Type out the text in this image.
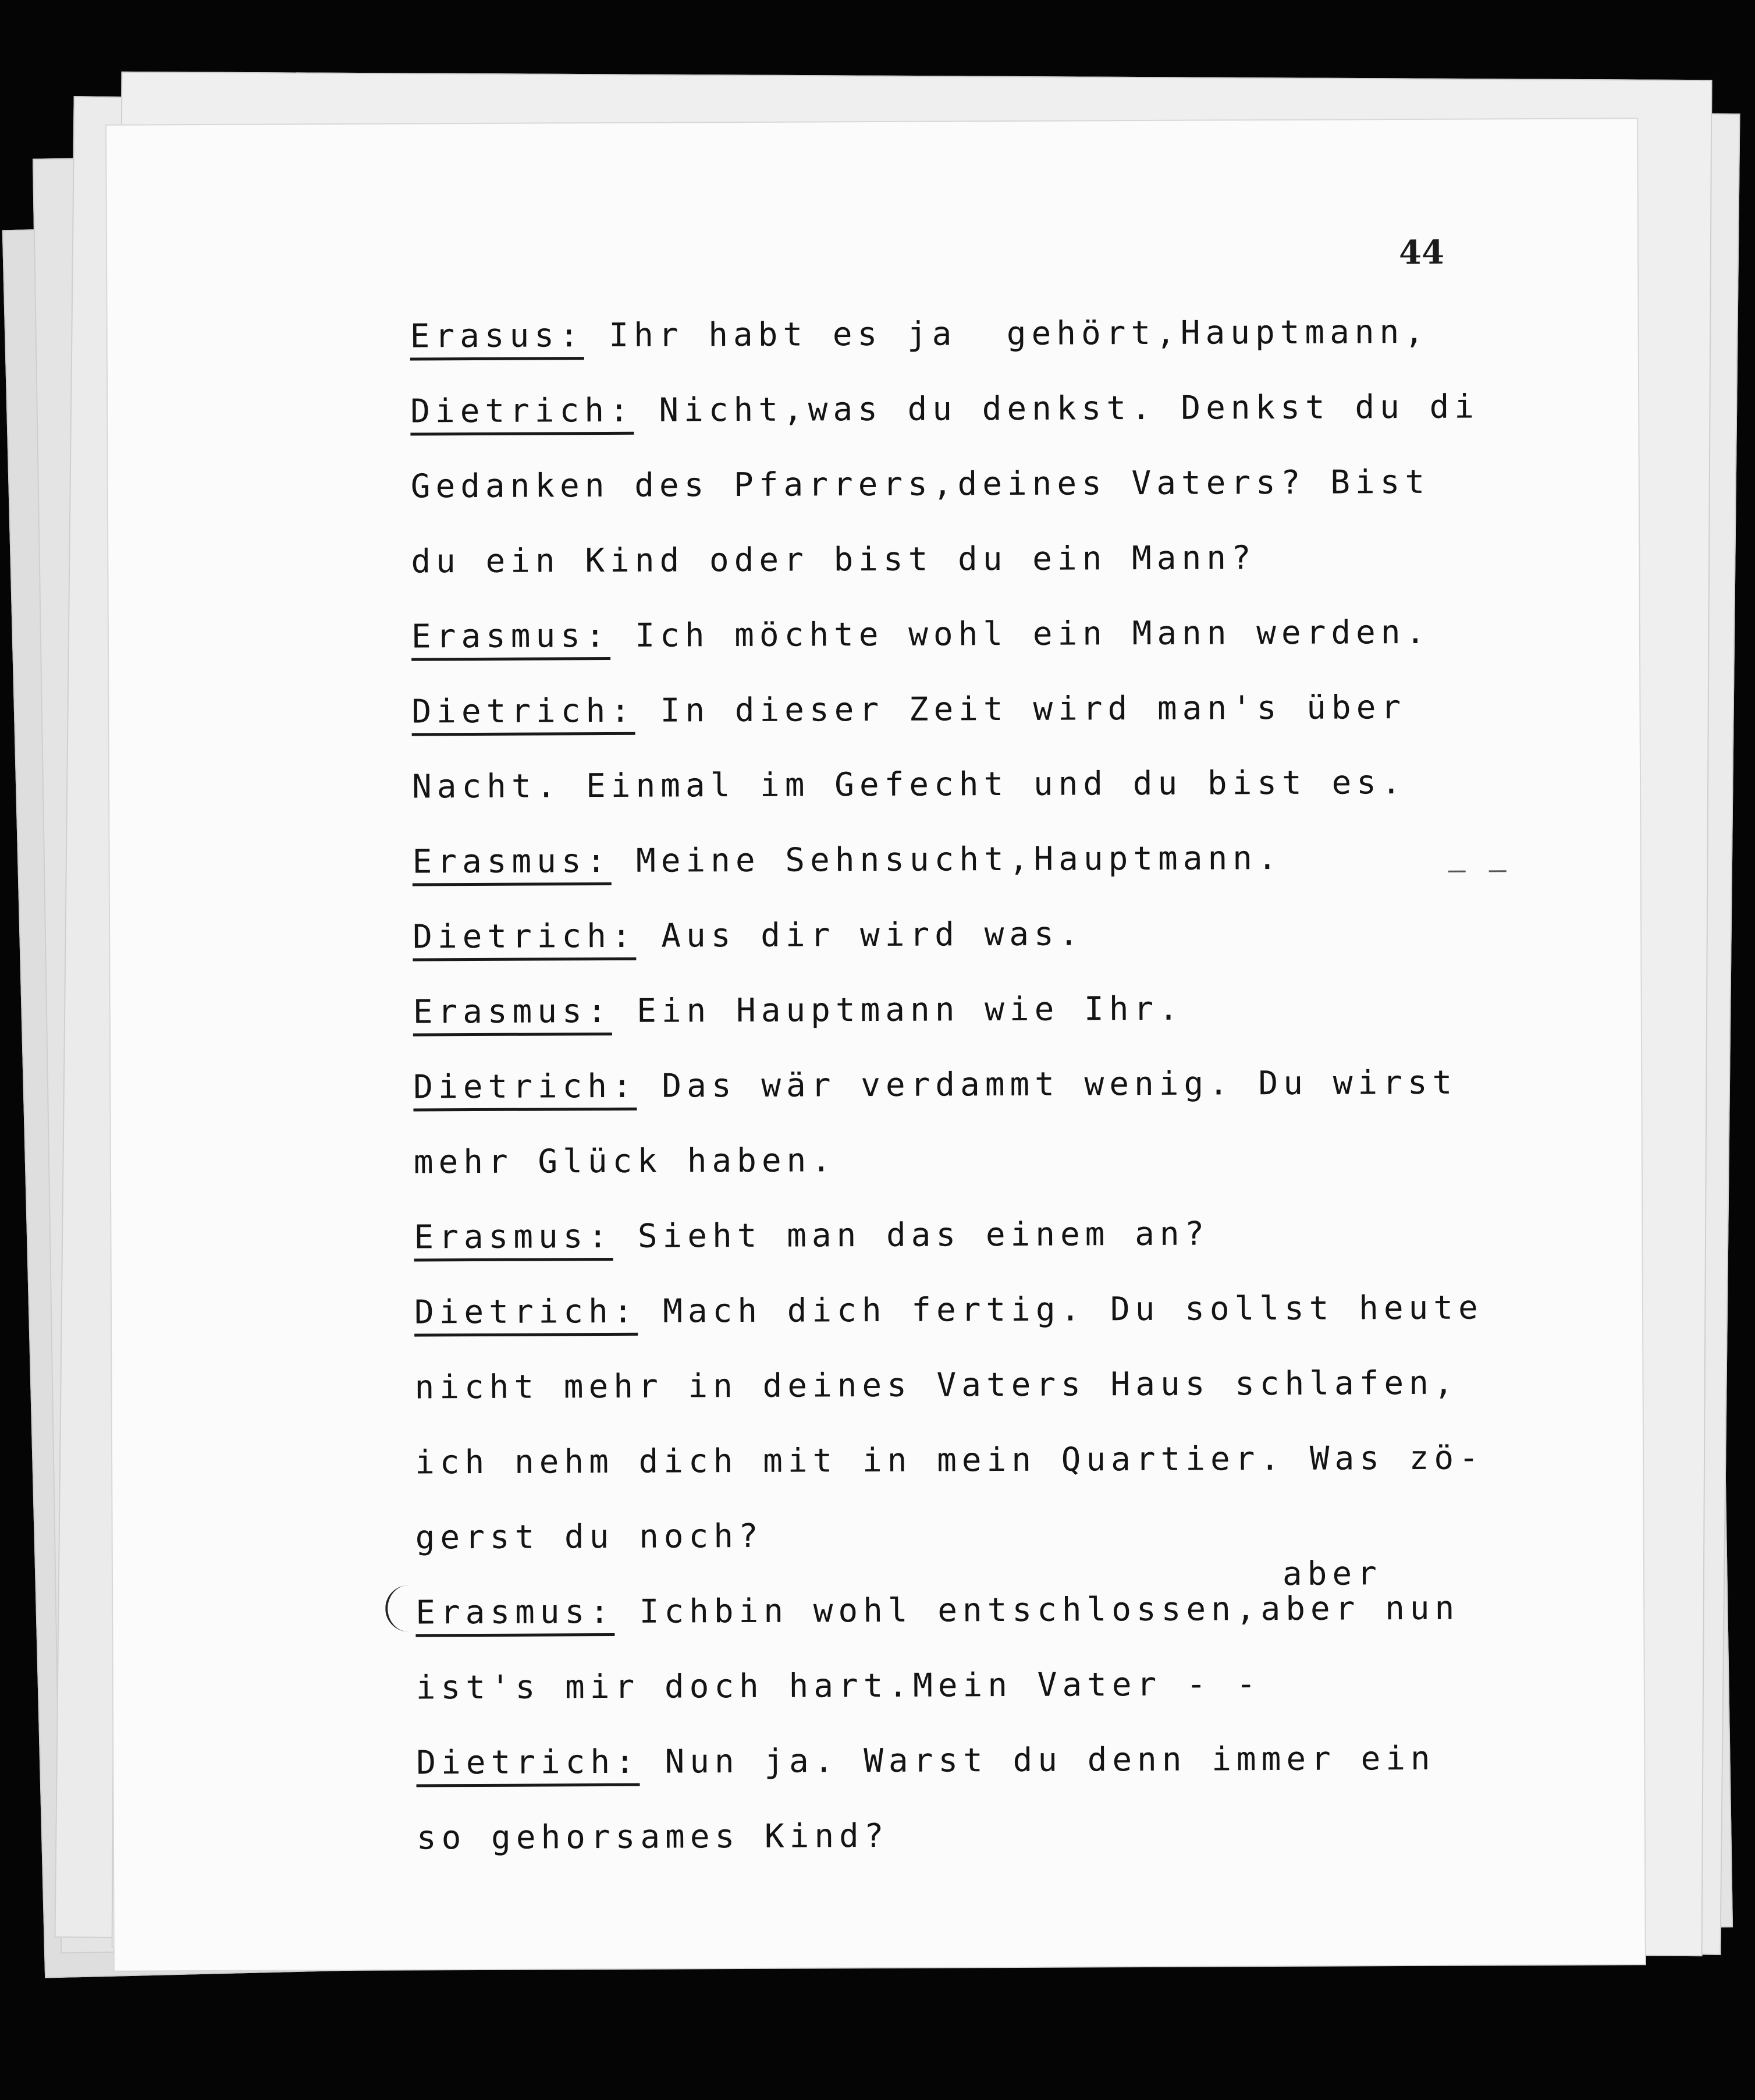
44
Erasus: Ihr habt es ja  gehört,Hauptmann,
Dietrich: Nicht,was du denkst. Denkst du di
Gedanken des Pfarrers,deines Vaters? Bist
du ein Kind oder bist du ein Mann?
Erasmus: Ich möchte wohl ein Mann werden.
Dietrich: In dieser Zeit wird man's über
Nacht. Einmal im Gefecht und du bist es.
Erasmus: Meine Sehnsucht,Hauptmann.
Dietrich: Aus dir wird was.
Erasmus: Ein Hauptmann wie Ihr.
Dietrich: Das wär verdammt wenig. Du wirst
mehr Glück haben.
Erasmus: Sieht man das einem an?
Dietrich: Mach dich fertig. Du sollst heute
nicht mehr in deines Vaters Haus schlafen,
ich nehm dich mit in mein Quartier. Was zö-
gerst du noch?
aber
Erasmus: Ichbin wohl entschlossen,aber nun
ist's mir doch hart.Mein Vater - -
Dietrich: Nun ja. Warst du denn immer ein
so gehorsames Kind?
